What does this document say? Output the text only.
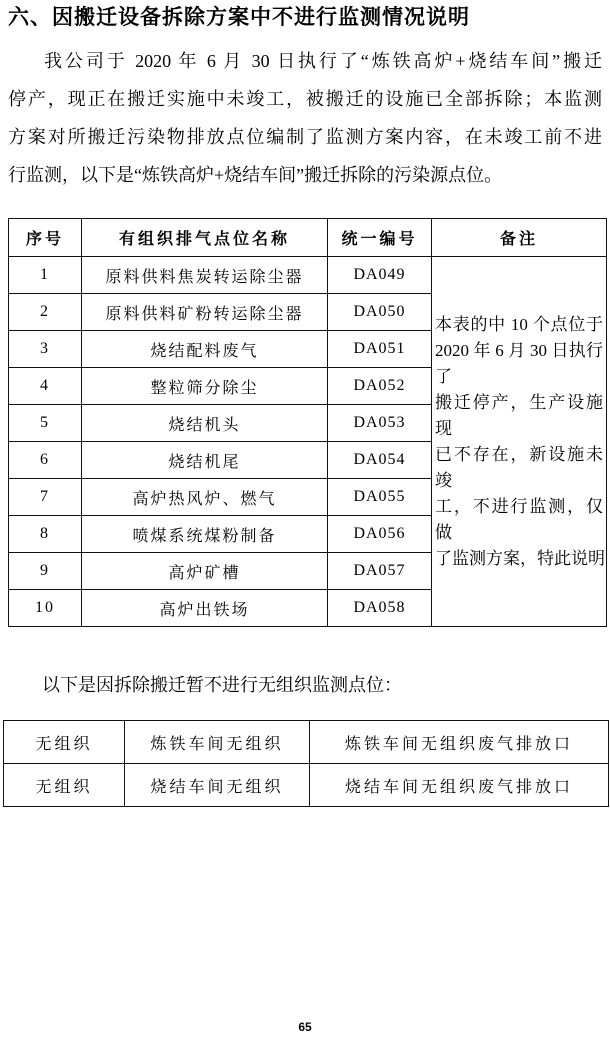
六、因搬迁设备拆除方案中不进行监测情况说明
我公司于 2020 年 6 月 30 日执行了“炼铁高炉+烧结车间”搬迁
停产，现正在搬迁实施中未竣工，被搬迁的设施已全部拆除；本监测
方案对所搬迁污染物排放点位编制了监测方案内容，在未竣工前不进
行监测，以下是“炼铁高炉+烧结车间”搬迁拆除的污染源点位。
序号	有组织排气点位名称	统一编号	备注
1	原料供料焦炭转运除尘器	DA049	
本表的中 10 个点位于
2020 年 6 月 30 日执行了
搬迁停产，生产设施现
已不存在，新设施未竣
工，不进行监测，仅做
了监测方案，特此说明

2	原料供料矿粉转运除尘器	DA050	
3	烧结配料废气	DA051	
4	整粒筛分除尘	DA052	
5	烧结机头	DA053	
6	烧结机尾	DA054	
7	高炉热风炉、燃气	DA055	
8	喷煤系统煤粉制备	DA056	
9	高炉矿槽	DA057	
10	高炉出铁场	DA058	
以下是因拆除搬迁暂不进行无组织监测点位：
无组织	炼铁车间无组织	炼铁车间无组织废气排放口
无组织	烧结车间无组织	烧结车间无组织废气排放口
65
